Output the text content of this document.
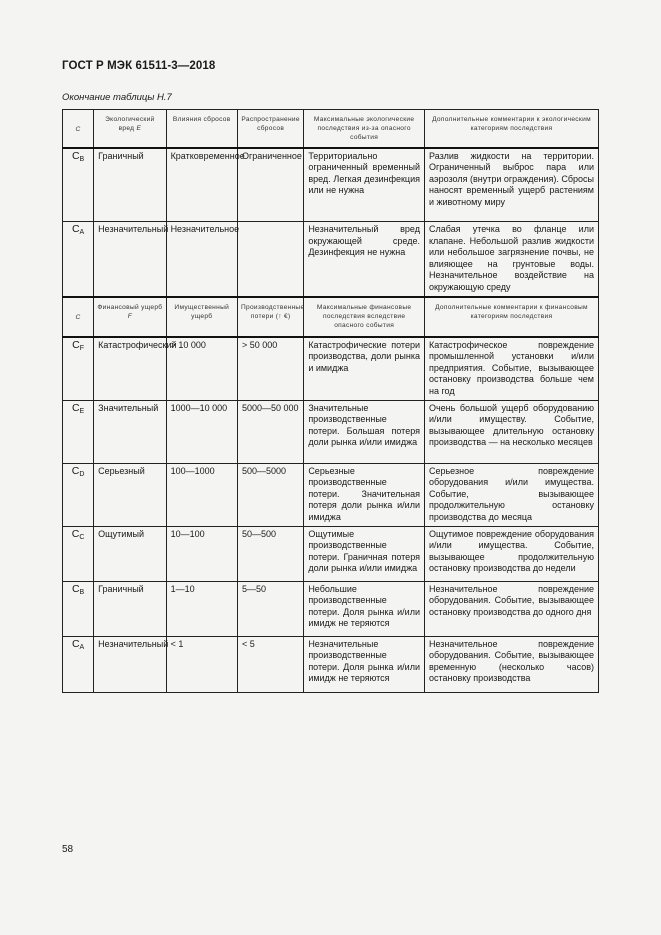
ГОСТ Р МЭК 61511-3—2018
Окончание таблицы Н.7
C	Экологический вред E	Влияния сбросов	Распространение сбросов	Максимальные экологические последствия из-за опасного события	Дополнительные комментарии к экологическим категориям последствия
$C_B$	Граничный	Кратковременное	Ограниченное	Территориально ограниченный временный вред. Легкая дезинфекция или не нужна	Разлив жидкости на территории. Ограниченный выброс пара или аэрозоля (внутри ограждения). Сбросы наносят временный ущерб растениям и животному миру
$C_A$	Незначительный	Незначительное		Незначительный вред окружающей среде. Дезинфекция не нужна	Слабая утечка во фланце или клапане. Небольшой разлив жидкости или небольшое загрязнение почвы, не влияющее на грунтовые воды. Незначительное воздействие на окружающую среду
C	Финансовый ущерб F	Имущественный ущерб	Производственные потери (↑ €)	Максимальные финансовые последствия вследствие опасного события	Дополнительные комментарии к финансовым категориям последствия
$C_F$	Катастрофический	> 10 000	> 50 000	Катастрофические потери производства, доли рынка и имиджа	Катастрофическое повреждение промышленной установки и/или предприятия. Событие, вызывающее остановку производства больше чем на год
$C_E$	Значительный	1000—10 000	5000—50 000	Значительные производственные потери. Большая потеря доли рынка и/или имиджа	Очень большой ущерб оборудованию и/или имуществу. Событие, вызывающее длительную остановку производства — на несколько месяцев
$C_D$	Серьезный	100—1000	500—5000	Серьезные производственные потери. Значительная потеря доли рынка и/или имиджа	Серьезное повреждение оборудования и/или имущества. Событие, вызывающее продолжительную остановку производства до месяца
$C_C$	Ощутимый	10—100	50—500	Ощутимые производственные потери. Граничная потеря доли рынка и/или имиджа	Ощутимое повреждение оборудования и/или имущества. Событие, вызывающее продолжительную остановку производства до недели
$C_B$	Граничный	1—10	5—50	Небольшие производственные потери. Доля рынка и/или имидж не теряются	Незначительное повреждение оборудования. Событие, вызывающее остановку производства до одного дня
$C_A$	Незначительный	< 1	< 5	Незначительные производственные потери. Доля рынка и/или имидж не теряются	Незначительное повреждение оборудования. Событие, вызывающее временную (несколько часов) остановку производства
58
